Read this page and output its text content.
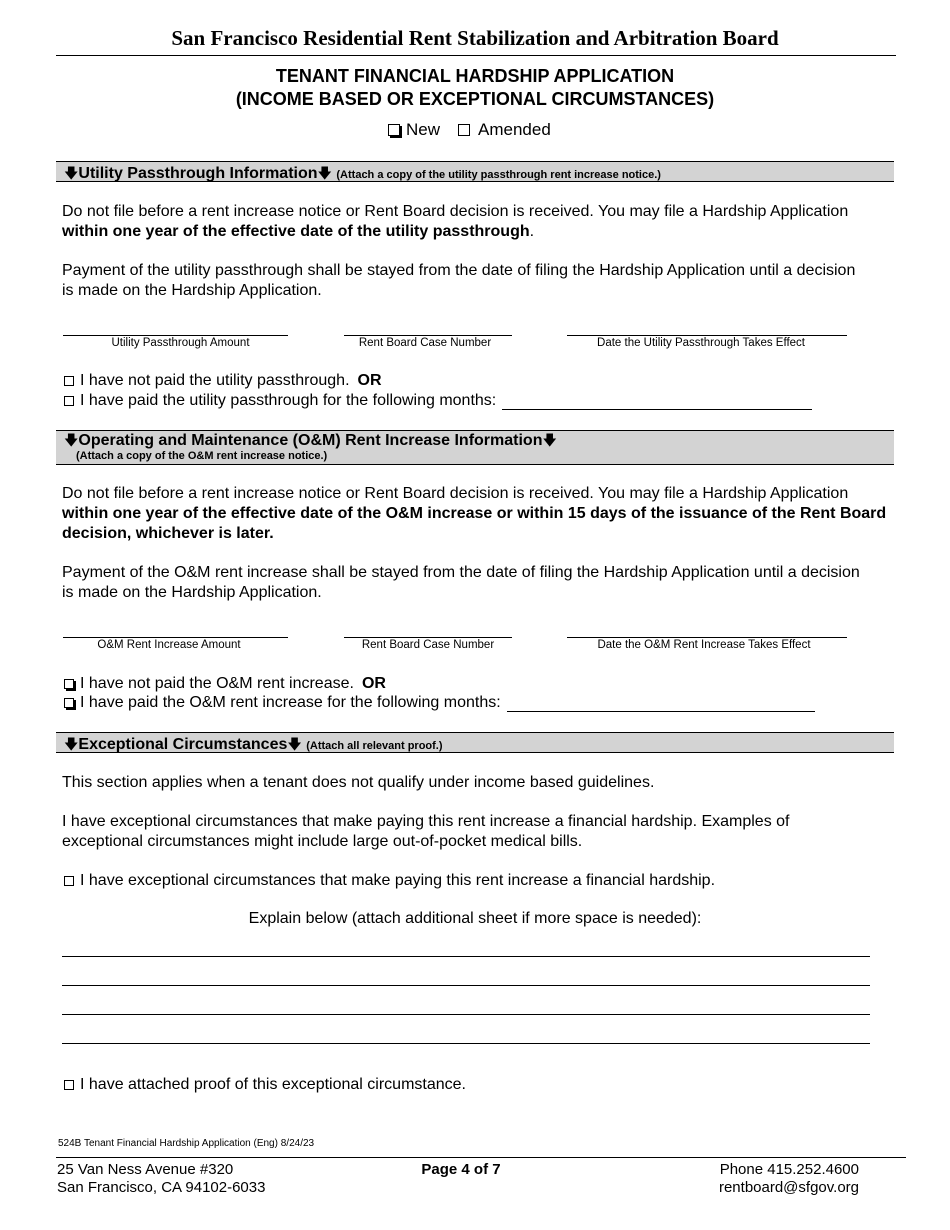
San Francisco Residential Rent Stabilization and Arbitration Board
TENANT FINANCIAL HARDSHIP APPLICATION
(INCOME BASED OR EXCEPTIONAL CIRCUMSTANCES)
New Amended
🡇Utility Passthrough Information🡇 (Attach a copy of the utility passthrough rent increase notice.)
Do not file before a rent increase notice or Rent Board decision is received. You may file a Hardship Application within one year of the effective date of the utility passthrough.
Payment of the utility passthrough shall be stayed from the date of filing the Hardship Application until a decision is made on the Hardship Application.
Utility Passthrough Amount	Rent Board Case Number	Date the Utility Passthrough Takes Effect
I have not paid the utility passthrough. OR
I have paid the utility passthrough for the following months:
🡇Operating and Maintenance (O&M) Rent Increase Information🡇
(Attach a copy of the O&M rent increase notice.)
Do not file before a rent increase notice or Rent Board decision is received. You may file a Hardship Application within one year of the effective date of the O&M increase or within 15 days of the issuance of the Rent Board decision, whichever is later.
Payment of the O&M rent increase shall be stayed from the date of filing the Hardship Application until a decision is made on the Hardship Application.
O&M Rent Increase Amount	Rent Board Case Number	Date the O&M Rent Increase Takes Effect
I have not paid the O&M rent increase. OR
I have paid the O&M rent increase for the following months:
🡇Exceptional Circumstances🡇 (Attach all relevant proof.)
This section applies when a tenant does not qualify under income based guidelines.
I have exceptional circumstances that make paying this rent increase a financial hardship. Examples of exceptional circumstances might include large out-of-pocket medical bills.
I have exceptional circumstances that make paying this rent increase a financial hardship.
Explain below (attach additional sheet if more space is needed):
I have attached proof of this exceptional circumstance.
524B Tenant Financial Hardship Application (Eng) 8/24/23
25 Van Ness Avenue #320
San Francisco, CA 94102-6033
Page 4 of 7	Phone 415.252.4600
rentboard@sfgov.org
